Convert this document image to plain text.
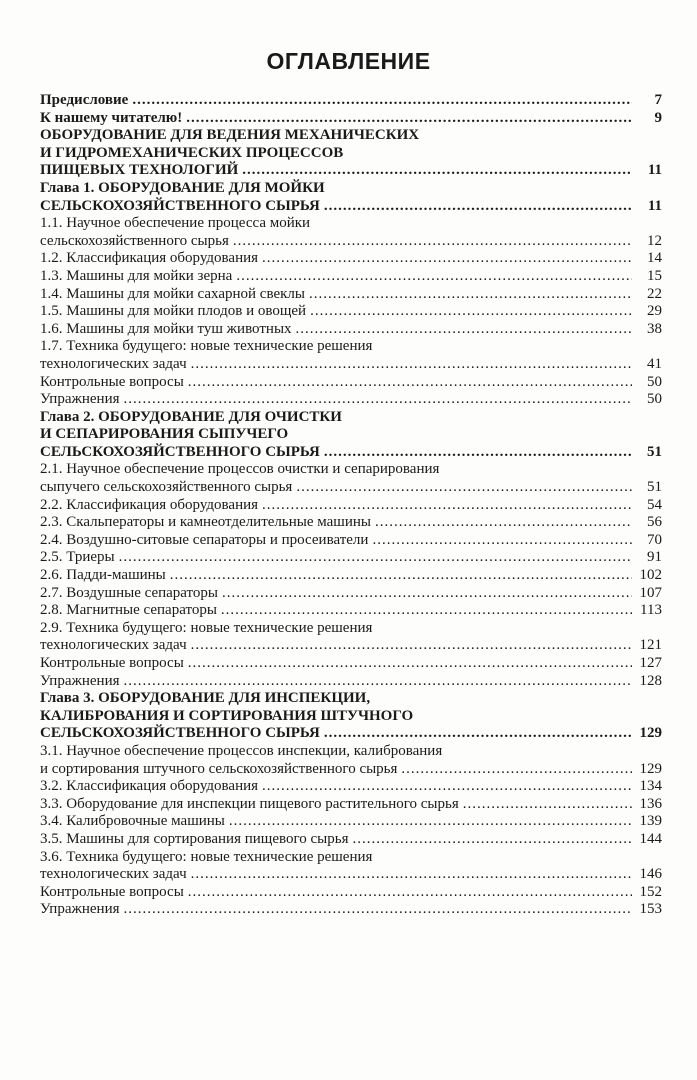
ОГЛАВЛЕНИЕ
Предисловие .....	7
К нашему читателю! .....	9
ОБОРУДОВАНИЕ ДЛЯ ВЕДЕНИЯ МЕХАНИЧЕСКИХ
И ГИДРОМЕХАНИЧЕСКИХ ПРОЦЕССОВ
ПИЩЕВЫХ ТЕХНОЛОГИЙ .....	11
Глава 1. ОБОРУДОВАНИЕ ДЛЯ МОЙКИ
СЕЛЬСКОХОЗЯЙСТВЕННОГО СЫРЬЯ .....	11
1.1. Научное обеспечение процесса мойки
сельскохозяйственного сырья .....	12
1.2. Классификация оборудования .....	14
1.3. Машины для мойки зерна .....	15
1.4. Машины для мойки сахарной свеклы .....	22
1.5. Машины для мойки плодов и овощей .....	29
1.6. Машины для мойки туш животных .....	38
1.7. Техника будущего: новые технические решения
технологических задач .....	41
Контрольные вопросы .....	50
Упражнения .....	50
Глава 2. ОБОРУДОВАНИЕ ДЛЯ ОЧИСТКИ
И СЕПАРИРОВАНИЯ СЫПУЧЕГО
СЕЛЬСКОХОЗЯЙСТВЕННОГО СЫРЬЯ .....	51
2.1. Научное обеспечение процессов очистки и сепарирования
сыпучего сельскохозяйственного сырья .....	51
2.2. Классификация оборудования .....	54
2.3. Скальператоры и камнеотделительные машины .....	56
2.4. Воздушно-ситовые сепараторы и просеиватели .....	70
2.5. Триеры .....	91
2.6. Падди-машины .....	102
2.7. Воздушные сепараторы .....	107
2.8. Магнитные сепараторы .....	113
2.9. Техника будущего: новые технические решения
технологических задач .....	121
Контрольные вопросы .....	127
Упражнения .....	128
Глава 3. ОБОРУДОВАНИЕ ДЛЯ ИНСПЕКЦИИ,
КАЛИБРОВАНИЯ И СОРТИРОВАНИЯ ШТУЧНОГО
СЕЛЬСКОХОЗЯЙСТВЕННОГО СЫРЬЯ .....	129
3.1. Научное обеспечение процессов инспекции, калибрования
и сортирования штучного сельскохозяйственного сырья .....	129
3.2. Классификация оборудования .....	134
3.3. Оборудование для инспекции пищевого растительного сырья .....	136
3.4. Калибровочные машины .....	139
3.5. Машины для сортирования пищевого сырья .....	144
3.6. Техника будущего: новые технические решения
технологических задач .....	146
Контрольные вопросы .....	152
Упражнения .....	153
